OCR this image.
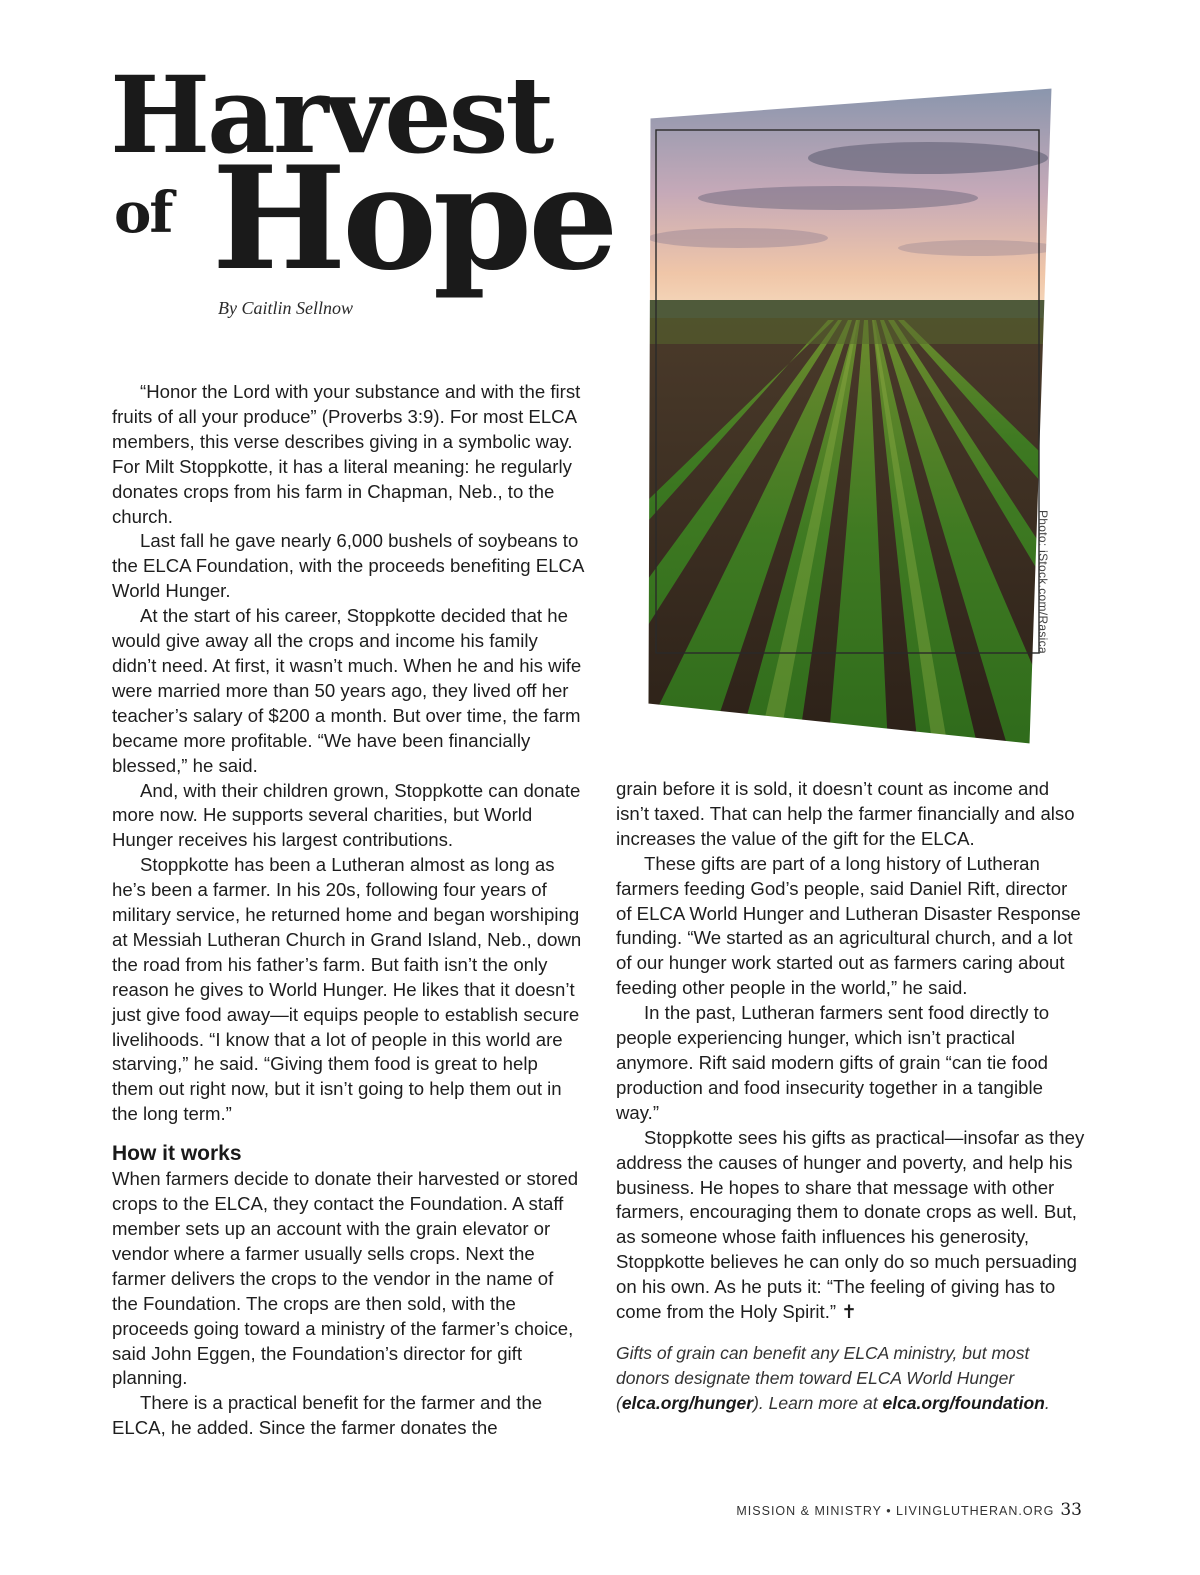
Harvest
of Hope
By Caitlin Sellnow
Photo: iStock.com/Rasica

“Honor the Lord with your substance and with the first fruits of all your produce” (Proverbs 3:9). For most ELCA members, this verse describes giving in a symbolic way. For Milt Stoppkotte, it has a literal meaning: he regularly donates crops from his farm in Chapman, Neb., to the church.

Last fall he gave nearly 6,000 bushels of soybeans to the ELCA Foundation, with the proceeds benefiting ELCA World Hunger.

At the start of his career, Stoppkotte decided that he would give away all the crops and income his family didn’t need. At first, it wasn’t much. When he and his wife were married more than 50 years ago, they lived off her teacher’s salary of $200 a month. But over time, the farm became more profitable. “We have been financially blessed,” he said.

And, with their children grown, Stoppkotte can donate more now. He supports several charities, but World Hunger receives his largest contributions.

Stoppkotte has been a Lutheran almost as long as he’s been a farmer. In his 20s, following four years of military service, he returned home and began worshiping at Messiah Lutheran Church in Grand Island, Neb., down the road from his father’s farm. But faith isn’t the only reason he gives to World Hunger. He likes that it doesn’t just give food away—it equips people to establish secure livelihoods. “I know that a lot of people in this world are starving,” he said. “Giving them food is great to help them out right now, but it isn’t going to help them out in the long term.”

How it works

When farmers decide to donate their harvested or stored crops to the ELCA, they contact the Foundation. A staff member sets up an account with the grain elevator or vendor where a farmer usually sells crops. Next the farmer delivers the crops to the vendor in the name of the Foundation. The crops are then sold, with the proceeds going toward a ministry of the farmer’s choice, said John Eggen, the Foundation’s director for gift planning.

There is a practical benefit for the farmer and the ELCA, he added. Since the farmer donates the

grain before it is sold, it doesn’t count as income and isn’t taxed. That can help the farmer financially and also increases the value of the gift for the ELCA.

These gifts are part of a long history of Lutheran farmers feeding God’s people, said Daniel Rift, director of ELCA World Hunger and Lutheran Disaster Response funding. “We started as an agricultural church, and a lot of our hunger work started out as farmers caring about feeding other people in the world,” he said.

In the past, Lutheran farmers sent food directly to people experiencing hunger, which isn’t practical anymore. Rift said modern gifts of grain “can tie food production and food insecurity together in a tangible way.”

Stoppkotte sees his gifts as practical—insofar as they address the causes of hunger and poverty, and help his business. He hopes to share that message with other farmers, encouraging them to donate crops as well. But, as someone whose faith influences his generosity, Stoppkotte believes he can only do so much persuading on his own. As he puts it: “The feeling of giving has to come from the Holy Spirit.” ✝

Gifts of grain can benefit any ELCA ministry, but most donors designate them toward ELCA World Hunger (elca.org/hunger). Learn more at elca.org/foundation.
MISSION & MINISTRY • LIVINGLUTHERAN.ORG 33
